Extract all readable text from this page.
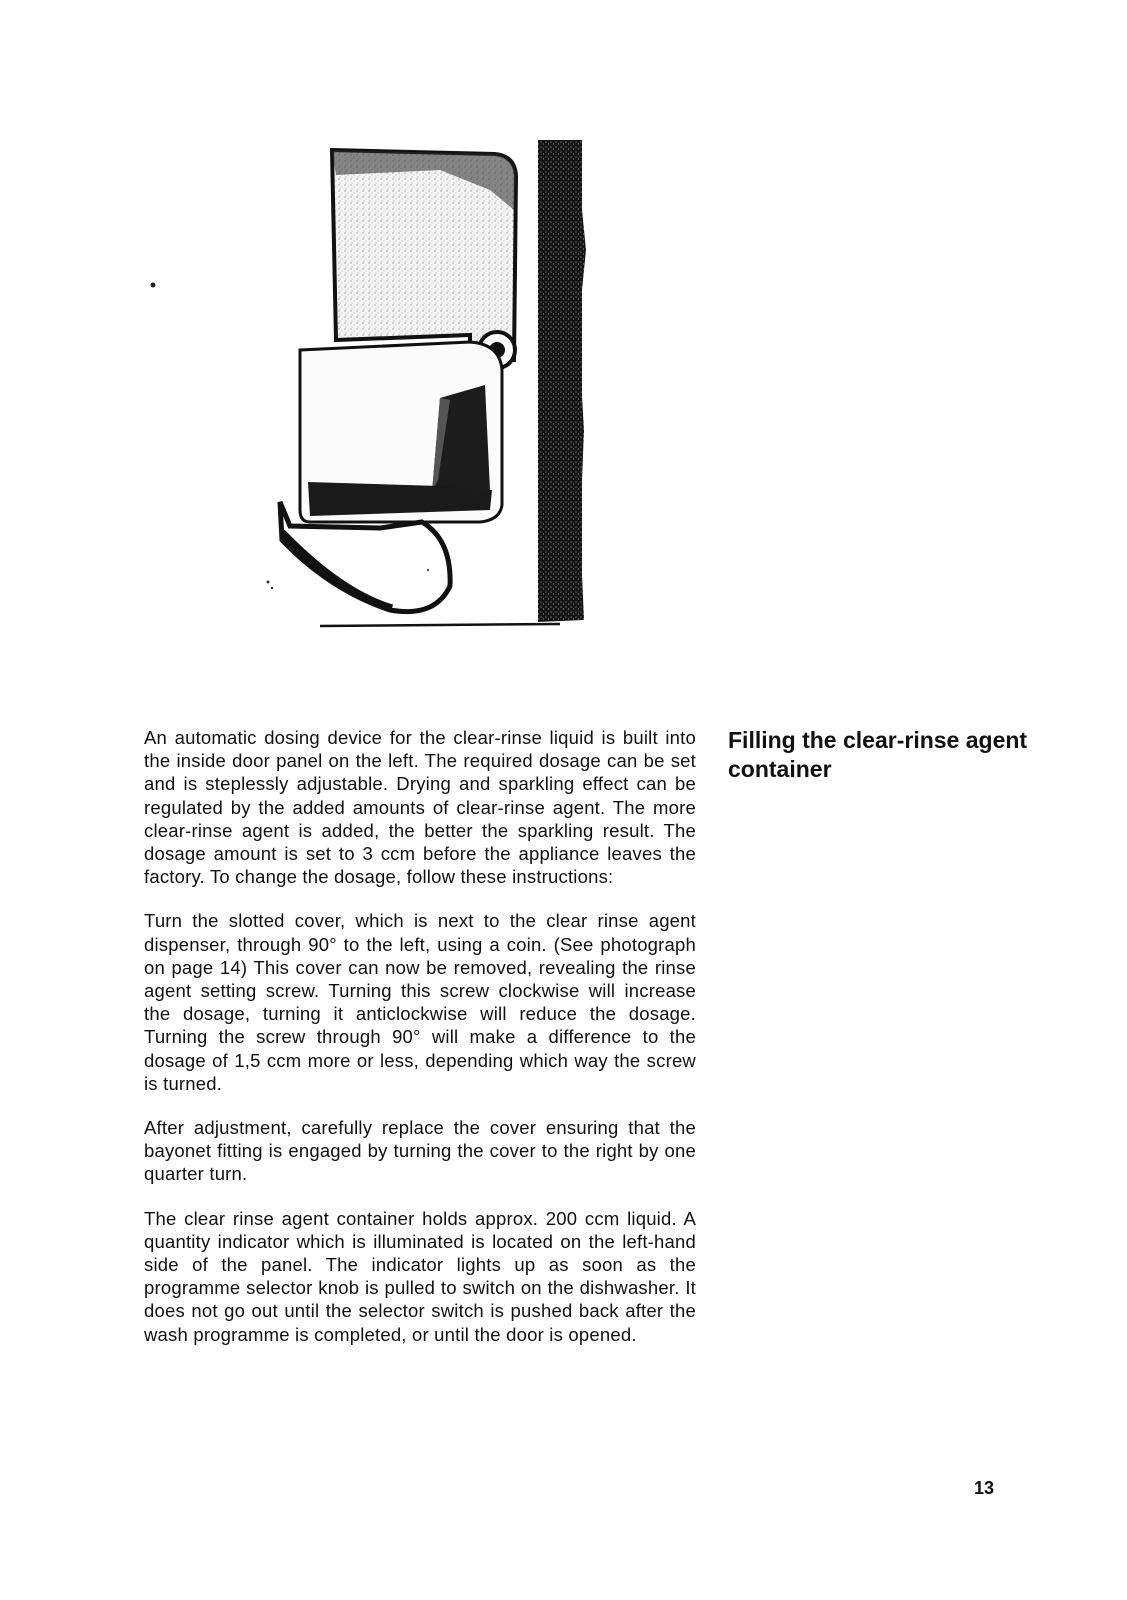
An automatic dosing device for the clear-rinse liquid is built into the inside door panel on the left. The required dosage can be set and is steplessly adjustable. Drying and sparkling effect can be regulated by the added amounts of clear-rinse agent. The more clear-rinse agent is added, the better the sparkling result. The dosage amount is set to 3 ccm before the appliance leaves the factory. To change the dosage, follow these instructions:

Turn the slotted cover, which is next to the clear rinse agent dispenser, through 90° to the left, using a coin. (See photograph on page 14) This cover can now be removed, revealing the rinse agent setting screw. Turning this screw clockwise will increase the dosage, turning it anticlockwise will reduce the dosage. Turning the screw through 90° will make a difference to the dosage of 1,5 ccm more or less, depending which way the screw is turned.

After adjustment, carefully replace the cover ensuring that the bayonet fitting is engaged by turning the cover to the right by one quarter turn.

The clear rinse agent container holds approx. 200 ccm liquid. A quantity indicator which is illuminated is located on the left-hand side of the panel. The indicator lights up as soon as the programme selector knob is pulled to switch on the dishwasher. It does not go out until the selector switch is pushed back after the wash programme is completed, or until the door is opened.

Filling the clear-rinse agent container
13
